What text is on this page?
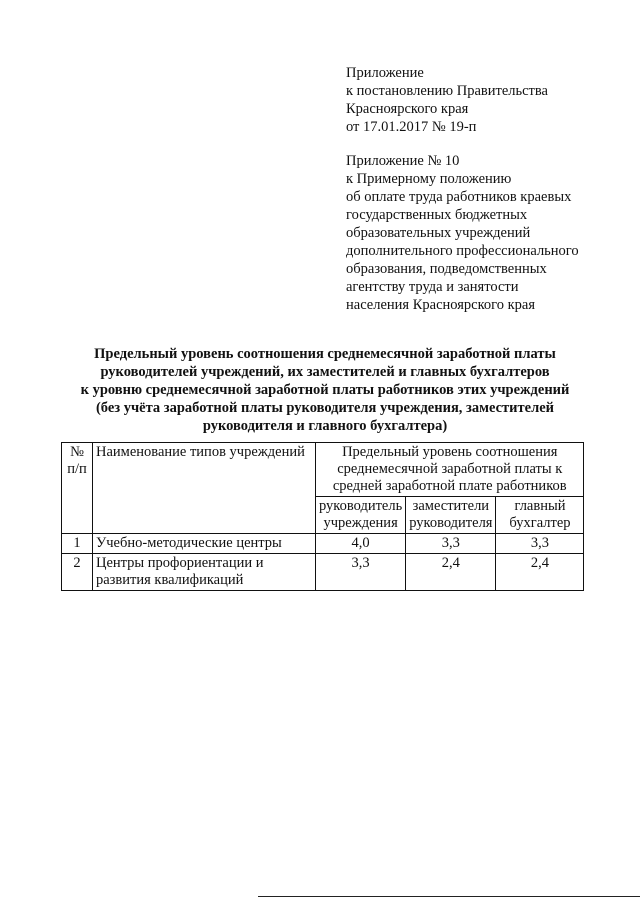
Приложение
к постановлению Правительства
Красноярского края
от 17.01.2017 № 19-п
Приложение № 10
к Примерному положению
об оплате труда работников краевых
государственных бюджетных
образовательных учреждений
дополнительного профессионального
образования, подведомственных
агентству труда и занятости
населения Красноярского края
Предельный уровень соотношения среднемесячной заработной платы
руководителей учреждений, их заместителей и главных бухгалтеров
к уровню среднемесячной заработной платы работников этих учреждений
(без учёта заработной платы руководителя учреждения, заместителей
руководителя и главного бухгалтера)
№ п/п	Наименование типов учреждений	Предельный уровень соотношения среднемесячной заработной платы к средней заработной плате работников		
		руководитель учреждения	заместители руководителя	главный бухгалтер
1	Учебно-методические центры	4,0	3,3	3,3
2	Центры профориентации и развития квалификаций	3,3	2,4	2,4
